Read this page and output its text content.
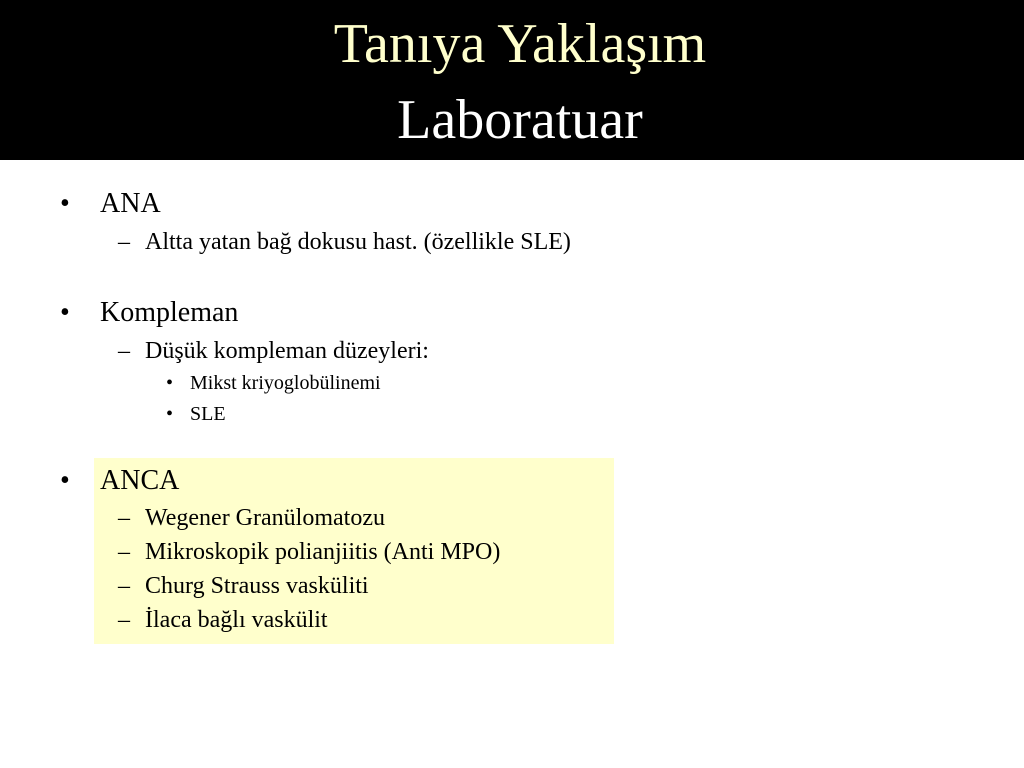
Tanıya Yaklaşım
Laboratuar
• ANA
– Altta yatan bağ dokusu hast. (özellikle SLE)
• Kompleman
– Düşük kompleman düzeyleri:
• Mikst kriyoglobülinemi
• SLE
• ANCA
– Wegener Granülomatozu
– Mikroskopik polianjiitis (Anti MPO)
– Churg Strauss vasküliti
– İlaca bağlı vaskülit
